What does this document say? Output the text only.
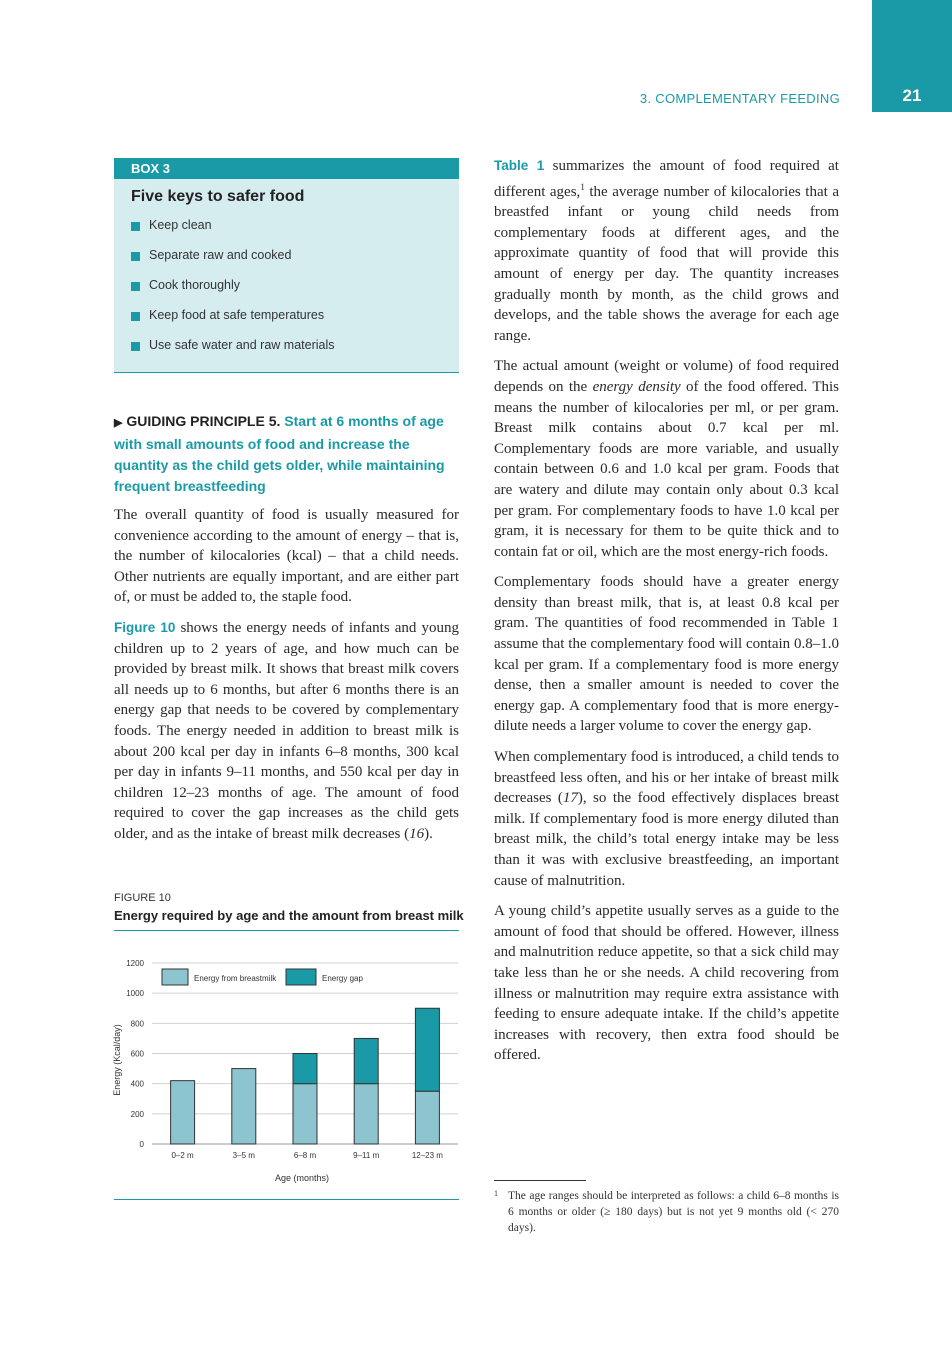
3. COMPLEMENTARY FEEDING	21
BOX 3
Five keys to safer food
Keep clean
Separate raw and cooked
Cook thoroughly
Keep food at safe temperatures
Use safe water and raw materials
▶ GUIDING PRINCIPLE 5. Start at 6 months of age with small amounts of food and increase the quantity as the child gets older, while maintaining frequent breastfeeding

The overall quantity of food is usually measured for convenience according to the amount of energy – that is, the number of kilocalories (kcal) – that a child needs. Other nutrients are equally important, and are either part of, or must be added to, the staple food.

Figure 10 shows the energy needs of infants and young children up to 2 years of age, and how much can be provided by breast milk. It shows that breast milk covers all needs up to 6 months, but after 6 months there is an energy gap that needs to be covered by complementary foods. The energy needed in addition to breast milk is about 200 kcal per day in infants 6–8 months, 300 kcal per day in infants 9–11 months, and 550 kcal per day in children 12–23 months of age. The amount of food required to cover the gap increases as the child gets older, and as the intake of breast milk decreases (16).

FIGURE 10
Energy required by age and the amount from breast milk
0–2 m	3–5 m	6–8 m	9–11 m	12–23 m
0
200
400
600
800
1000
1200
Energy (Kcal/day)
Age (months)
Energy from breastmilk	Energy gap

Table 1 summarizes the amount of food required at different ages,$^1$ the average number of kilocalories that a breastfed infant or young child needs from complementary foods at different ages, and the approximate quantity of food that will provide this amount of energy per day. The quantity increases gradually month by month, as the child grows and develops, and the table shows the average for each age range.

The actual amount (weight or volume) of food required depends on the energy density of the food offered. This means the number of kilocalories per ml, or per gram. Breast milk contains about 0.7 kcal per ml. Complementary foods are more variable, and usually contain between 0.6 and 1.0 kcal per gram. Foods that are watery and dilute may contain only about 0.3 kcal per gram. For complementary foods to have 1.0 kcal per gram, it is necessary for them to be quite thick and to contain fat or oil, which are the most energy-rich foods.

Complementary foods should have a greater energy density than breast milk, that is, at least 0.8 kcal per gram. The quantities of food recommended in Table 1 assume that the complementary food will contain 0.8–1.0 kcal per gram. If a complementary food is more energy dense, then a smaller amount is needed to cover the energy gap. A complementary food that is more energy-dilute needs a larger volume to cover the energy gap.

When complementary food is introduced, a child tends to breastfeed less often, and his or her intake of breast milk decreases (17), so the food effectively displaces breast milk. If complementary food is more energy diluted than breast milk, the child’s total energy intake may be less than it was with exclusive breastfeeding, an important cause of malnutrition.

A young child’s appetite usually serves as a guide to the amount of food that should be offered. However, illness and malnutrition reduce appetite, so that a sick child may take less than he or she needs. A child recovering from illness or malnutrition may require extra assistance with feeding to ensure adequate intake. If the child’s appetite increases with recovery, then extra food should be offered.

1 The age ranges should be interpreted as follows: a child 6–8 months is 6 months or older (≥ 180 days) but is not yet 9 months old (< 270 days).
